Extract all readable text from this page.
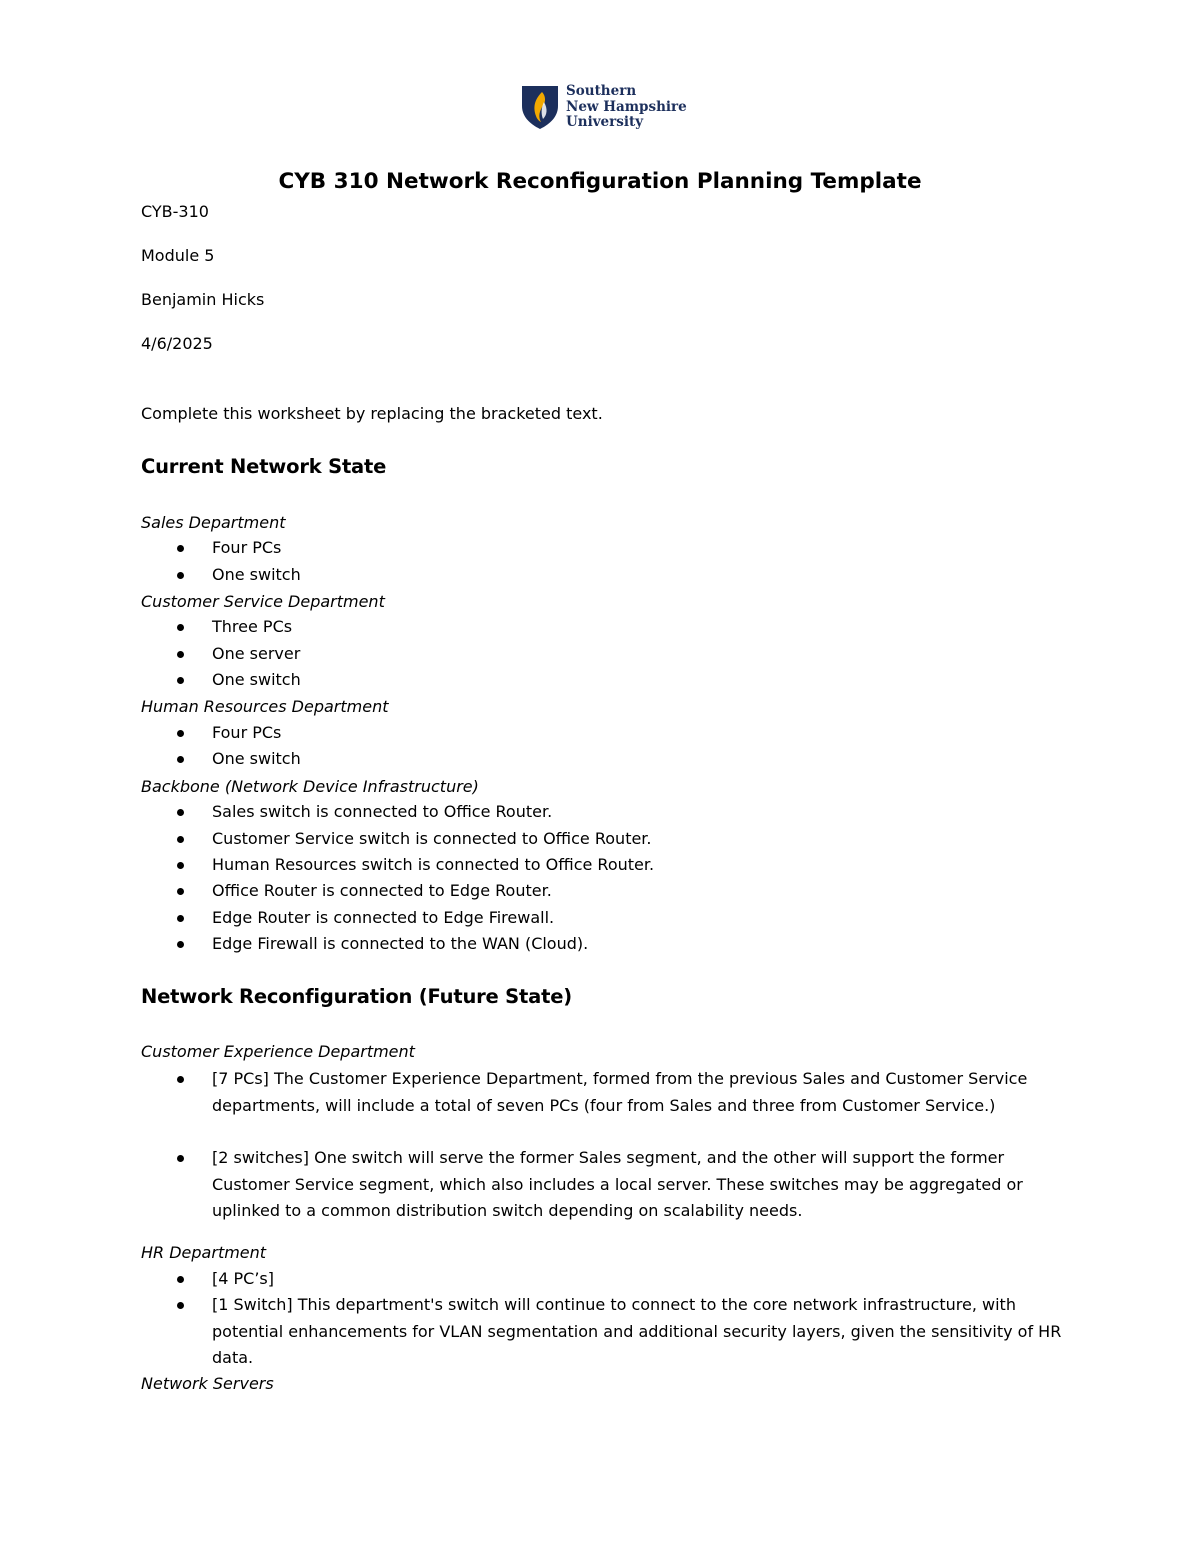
Southern
New Hampshire
University
CYB 310 Network Reconfiguration Planning Template
CYB-310
Module 5
Benjamin Hicks
4/6/2025
Complete this worksheet by replacing the bracketed text.
Current Network State
Sales Department
Four PCs
One switch
Customer Service Department
Three PCs
One server
One switch
Human Resources Department
Four PCs
One switch
Backbone (Network Device Infrastructure)
Sales switch is connected to Office Router.
Customer Service switch is connected to Office Router.
Human Resources switch is connected to Office Router.
Office Router is connected to Edge Router.
Edge Router is connected to Edge Firewall.
Edge Firewall is connected to the WAN (Cloud).
Network Reconfiguration (Future State)
Customer Experience Department
[7 PCs] The Customer Experience Department, formed from the previous Sales and Customer Service departments, will include a total of seven PCs (four from Sales and three from Customer Service.)
[2 switches] One switch will serve the former Sales segment, and the other will support the former Customer Service segment, which also includes a local server. These switches may be aggregated or uplinked to a common distribution switch depending on scalability needs.
HR Department
[4 PC’s]
[1 Switch] This department's switch will continue to connect to the core network infrastructure, with potential enhancements for VLAN segmentation and additional security layers, given the sensitivity of HR data.
Network Servers
